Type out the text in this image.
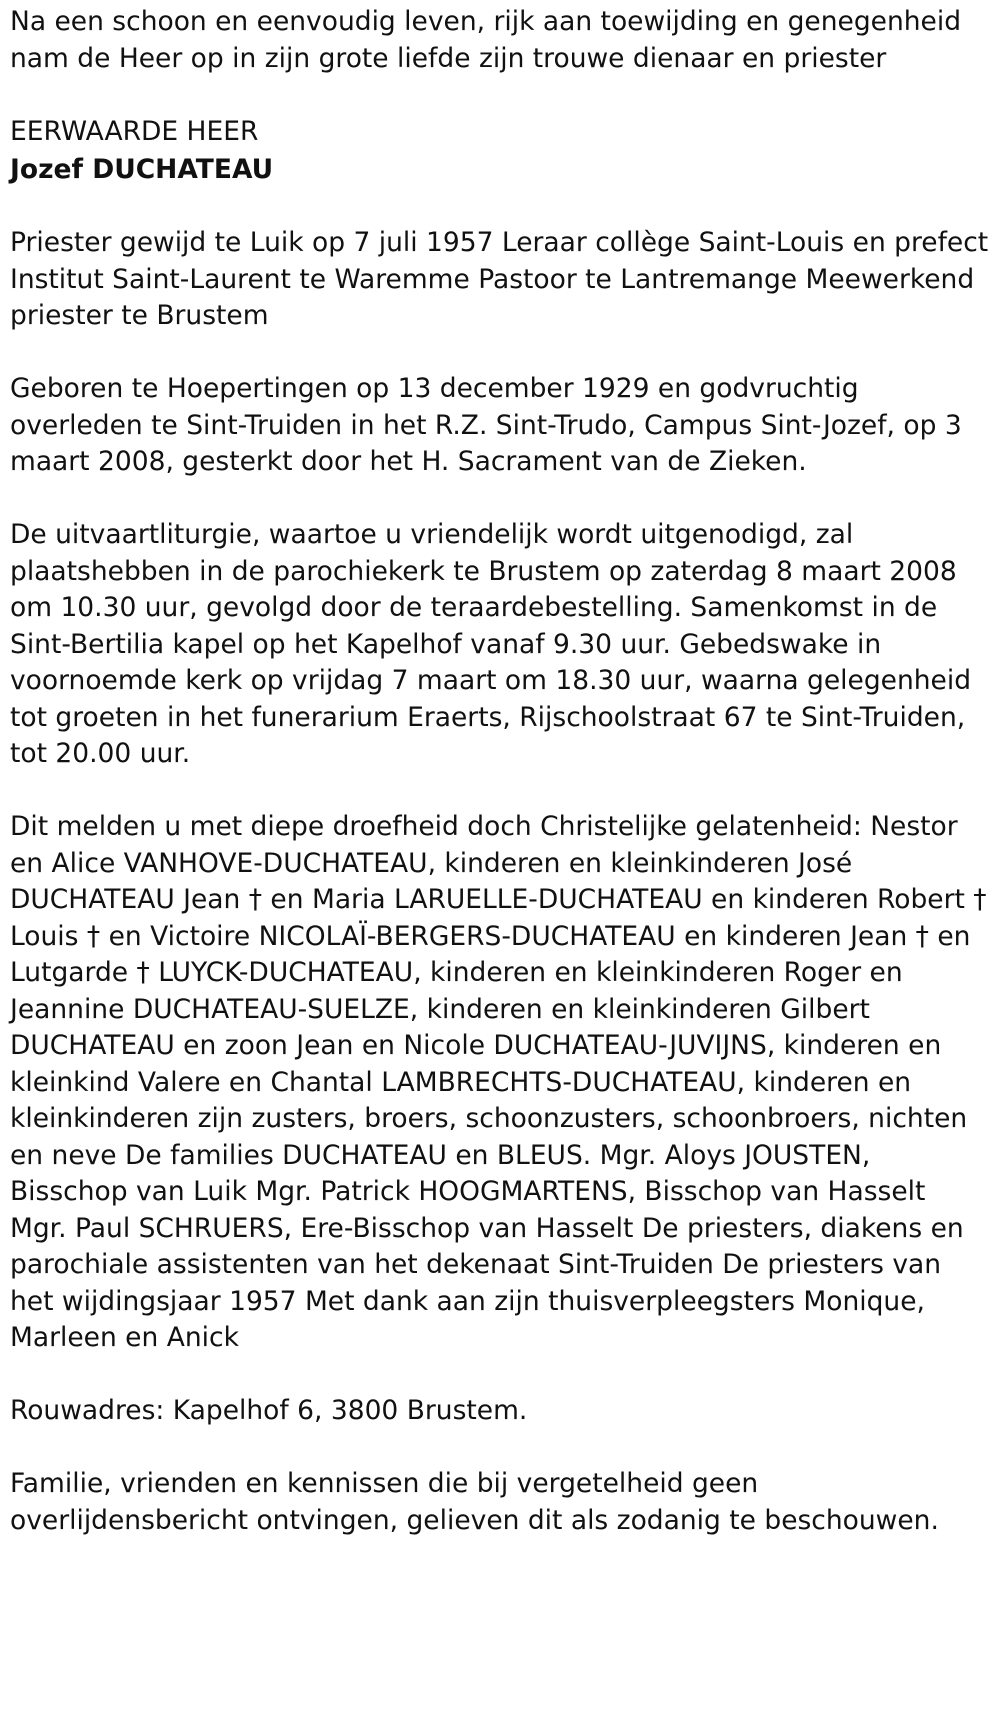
Na een schoon en eenvoudig leven, rijk aan toewijding en genegenheid nam de Heer op in zijn grote liefde zijn trouwe dienaar en priester

EERWAARDE HEER

Jozef DUCHATEAU

Priester gewijd te Luik op 7 juli 1957 Leraar collège Saint-Louis en prefect Institut Saint-Laurent te Waremme Pastoor te Lantremange Meewerkend priester te Brustem

Geboren te Hoepertingen op 13 december 1929 en godvruchtig overleden te Sint-Truiden in het R.Z. Sint-Trudo, Campus Sint-Jozef, op 3 maart 2008, gesterkt door het H. Sacrament van de Zieken.

De uitvaartliturgie, waartoe u vriendelijk wordt uitgenodigd, zal plaatshebben in de parochiekerk te Brustem op zaterdag 8 maart 2008 om 10.30 uur, gevolgd door de teraardebestelling. Samenkomst in de Sint-Bertilia kapel op het Kapelhof vanaf 9.30 uur. Gebedswake in voornoemde kerk op vrijdag 7 maart om 18.30 uur, waarna gelegenheid tot groeten in het funerarium Eraerts, Rijschoolstraat 67 te Sint-Truiden, tot 20.00 uur.

Dit melden u met diepe droefheid doch Christelijke gelatenheid: Nestor en Alice VANHOVE-DUCHATEAU, kinderen en kleinkinderen José DUCHATEAU Jean † en Maria LARUELLE-DUCHATEAU en kinderen Robert † Louis † en Victoire NICOLAÏ-BERGERS-DUCHATEAU en kinderen Jean † en Lutgarde † LUYCK-DUCHATEAU, kinderen en kleinkinderen Roger en Jeannine DUCHATEAU-SUELZE, kinderen en kleinkinderen Gilbert DUCHATEAU en zoon Jean en Nicole DUCHATEAU-JUVIJNS, kinderen en kleinkind Valere en Chantal LAMBRECHTS-DUCHATEAU, kinderen en kleinkinderen zijn zusters, broers, schoonzusters, schoonbroers, nichten en neve De families DUCHATEAU en BLEUS. Mgr. Aloys JOUSTEN, Bisschop van Luik Mgr. Patrick HOOGMARTENS, Bisschop van Hasselt Mgr. Paul SCHRUERS, Ere-Bisschop van Hasselt De priesters, diakens en parochiale assistenten van het dekenaat Sint-Truiden De priesters van het wijdingsjaar 1957 Met dank aan zijn thuisverpleegsters Monique, Marleen en Anick

Rouwadres: Kapelhof 6, 3800 Brustem.

Familie, vrienden en kennissen die bij vergetelheid geen overlijdensbericht ontvingen, gelieven dit als zodanig te beschouwen.
